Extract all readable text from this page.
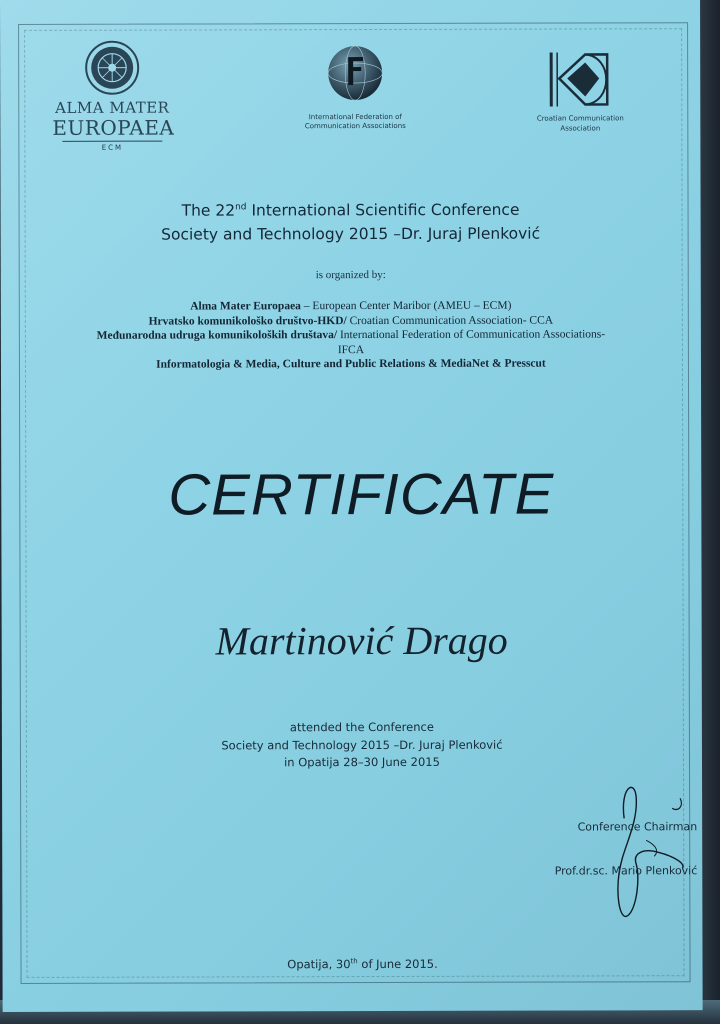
ALMA MATER
EUROPAEA
ECM
International Federation of
Communication Associations
Croatian Communication
Association
The 22nd International Scientific Conference
Society and Technology 2015 –Dr. Juraj Plenković
is organized by:
Alma Mater Europaea – European Center Maribor (AMEU – ECM)
Hrvatsko komunikološko društvo-HKD/ Croatian Communication Association- CCA
Međunarodna udruga komunikoloških društava/ International Federation of Communication Associations-
IFCA
Informatologia & Media, Culture and Public Relations & MediaNet & Presscut
CERTIFICATE
Martinović Drago
attended the Conference
Society and Technology 2015 –Dr. Juraj Plenković
in Opatija 28–30 June 2015
Conference Chairman
Prof.dr.sc. Mario Plenković
Opatija, 30th of June 2015.
